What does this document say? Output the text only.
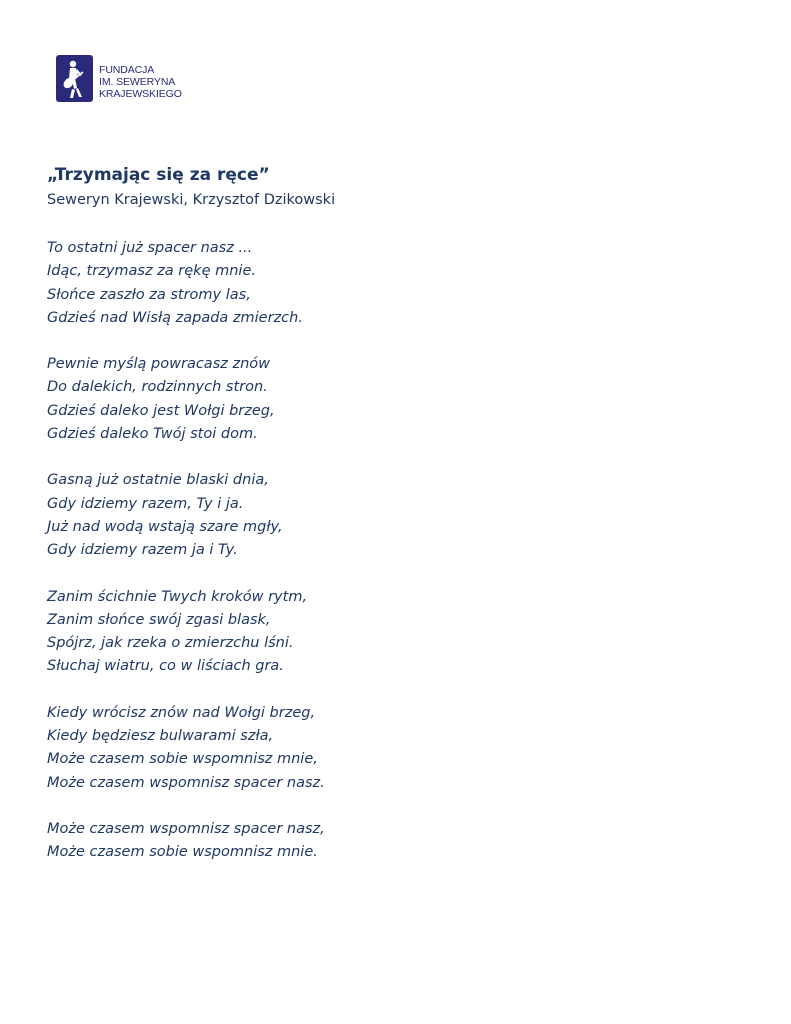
FUNDACJA
IM. SEWERYNA
KRAJEWSKIEGO
„Trzymając się za ręce”
Seweryn Krajewski, Krzysztof Dzikowski
To ostatni już spacer nasz ...
Idąc, trzymasz za rękę mnie.
Słońce zaszło za stromy las,
Gdzieś nad Wisłą zapada zmierzch.
Pewnie myślą powracasz znów
Do dalekich, rodzinnych stron.
Gdzieś daleko jest Wołgi brzeg,
Gdzieś daleko Twój stoi dom.
Gasną już ostatnie blaski dnia,
Gdy idziemy razem, Ty i ja.
Już nad wodą wstają szare mgły,
Gdy idziemy razem ja i Ty.
Zanim ścichnie Twych kroków rytm,
Zanim słońce swój zgasi blask,
Spójrz, jak rzeka o zmierzchu lśni.
Słuchaj wiatru, co w liściach gra.
Kiedy wrócisz znów nad Wołgi brzeg,
Kiedy będziesz bulwarami szła,
Może czasem sobie wspomnisz mnie,
Może czasem wspomnisz spacer nasz.
Może czasem wspomnisz spacer nasz,
Może czasem sobie wspomnisz mnie.
